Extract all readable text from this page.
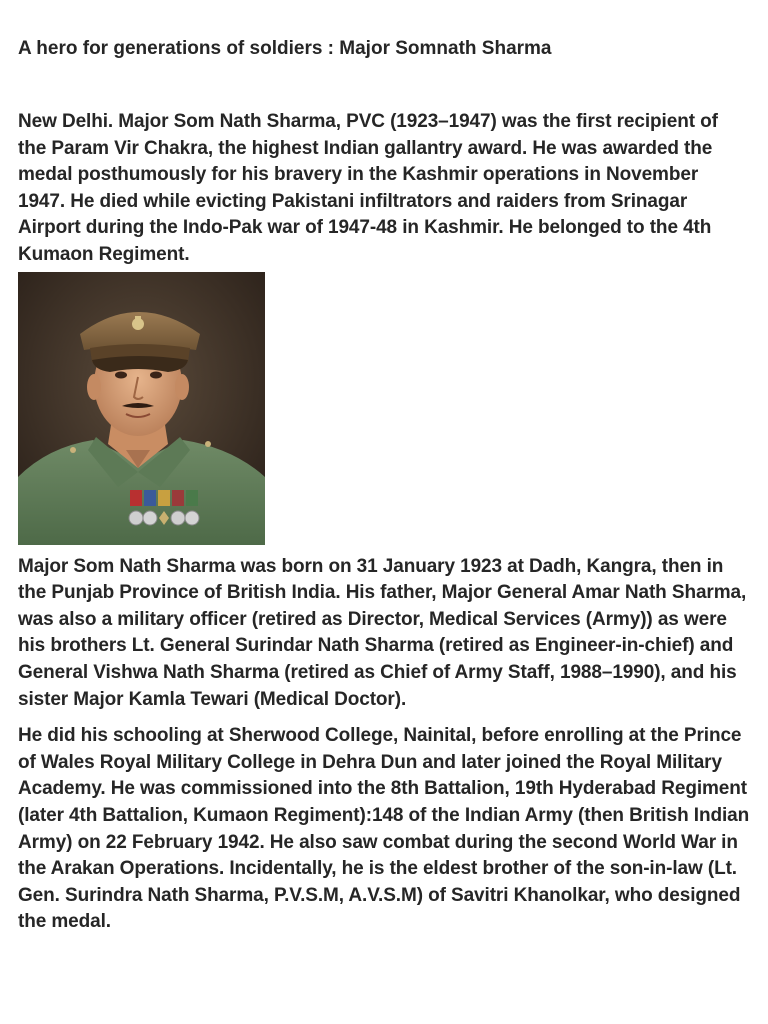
A hero for generations of soldiers : Major Somnath Sharma

New Delhi. Major Som Nath Sharma, PVC (1923–1947) was the first recipient of the Param Vir Chakra, the highest Indian gallantry award. He was awarded the medal posthumously for his bravery in the Kashmir operations in November 1947. He died while evicting Pakistani infiltrators and raiders from Srinagar Airport during the Indo-Pak war of 1947-48 in Kashmir. He belonged to the 4th Kumaon Regiment.

Major Som Nath Sharma was born on 31 January 1923 at Dadh, Kangra, then in the Punjab Province of British India. His father, Major General Amar Nath Sharma, was also a military officer (retired as Director, Medical Services (Army)) as were his brothers Lt. General Surindar Nath Sharma (retired as Engineer-in-chief) and General Vishwa Nath Sharma (retired as Chief of Army Staff, 1988–1990), and his sister Major Kamla Tewari (Medical Doctor).

He did his schooling at Sherwood College, Nainital, before enrolling at the Prince of Wales Royal Military College in Dehra Dun and later joined the Royal Military Academy. He was commissioned into the 8th Battalion, 19th Hyderabad Regiment (later 4th Battalion, Kumaon Regiment):148 of the Indian Army (then British Indian Army) on 22 February 1942. He also saw combat during the second World War in the Arakan Operations. Incidentally, he is the eldest brother of the son-in-law (Lt. Gen. Surindra Nath Sharma, P.V.S.M, A.V.S.M) of Savitri Khanolkar, who designed the medal.
